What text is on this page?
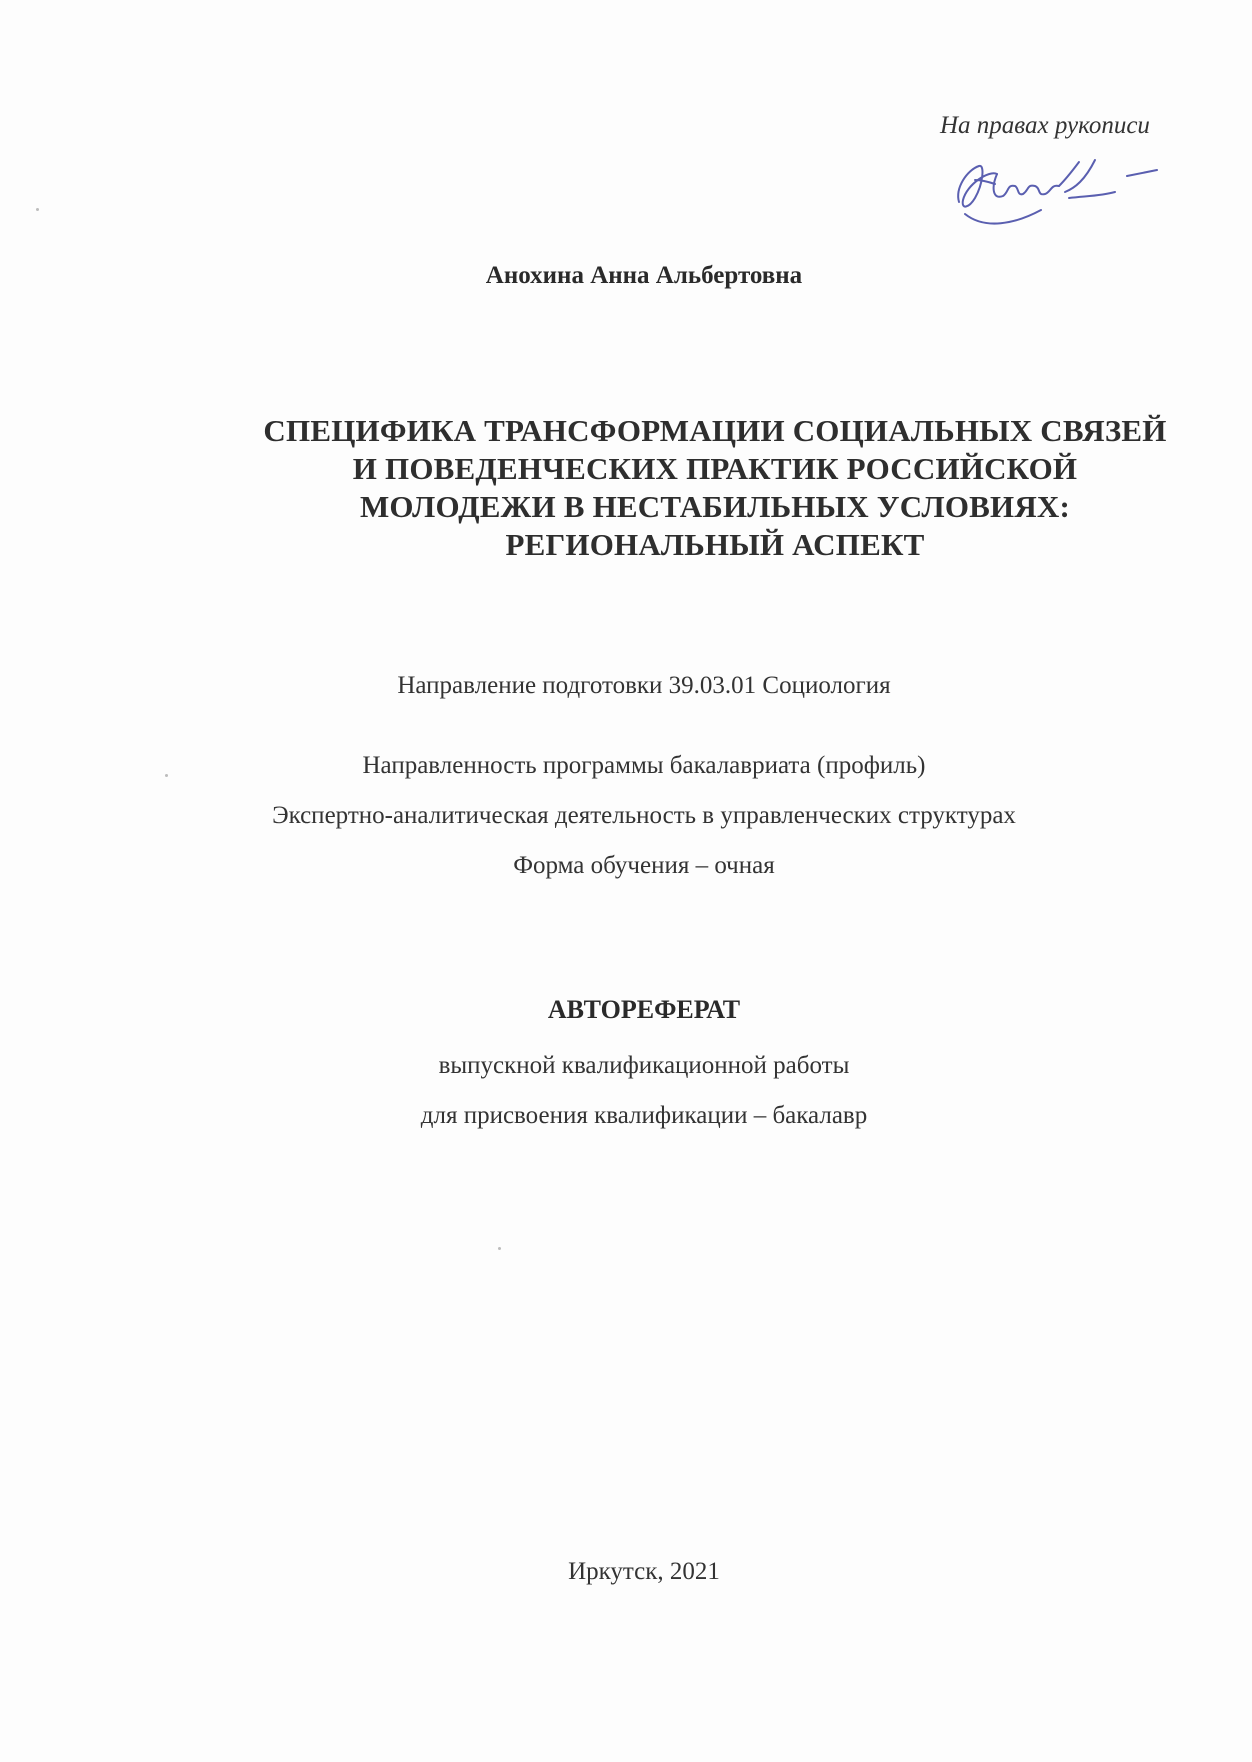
На правах рукописи
Анохина Анна Альбертовна
СПЕЦИФИКА ТРАНСФОРМАЦИИ СОЦИАЛЬНЫХ СВЯЗЕЙ
И ПОВЕДЕНЧЕСКИХ ПРАКТИК РОССИЙСКОЙ
МОЛОДЕЖИ В НЕСТАБИЛЬНЫХ УСЛОВИЯХ:
РЕГИОНАЛЬНЫЙ АСПЕКТ
Направление подготовки 39.03.01 Социология
Направленность программы бакалавриата (профиль)
Экспертно-аналитическая деятельность в управленческих структурах
Форма обучения – очная
АВТОРЕФЕРАТ
выпускной квалификационной работы
для присвоения квалификации – бакалавр
Иркутск, 2021
